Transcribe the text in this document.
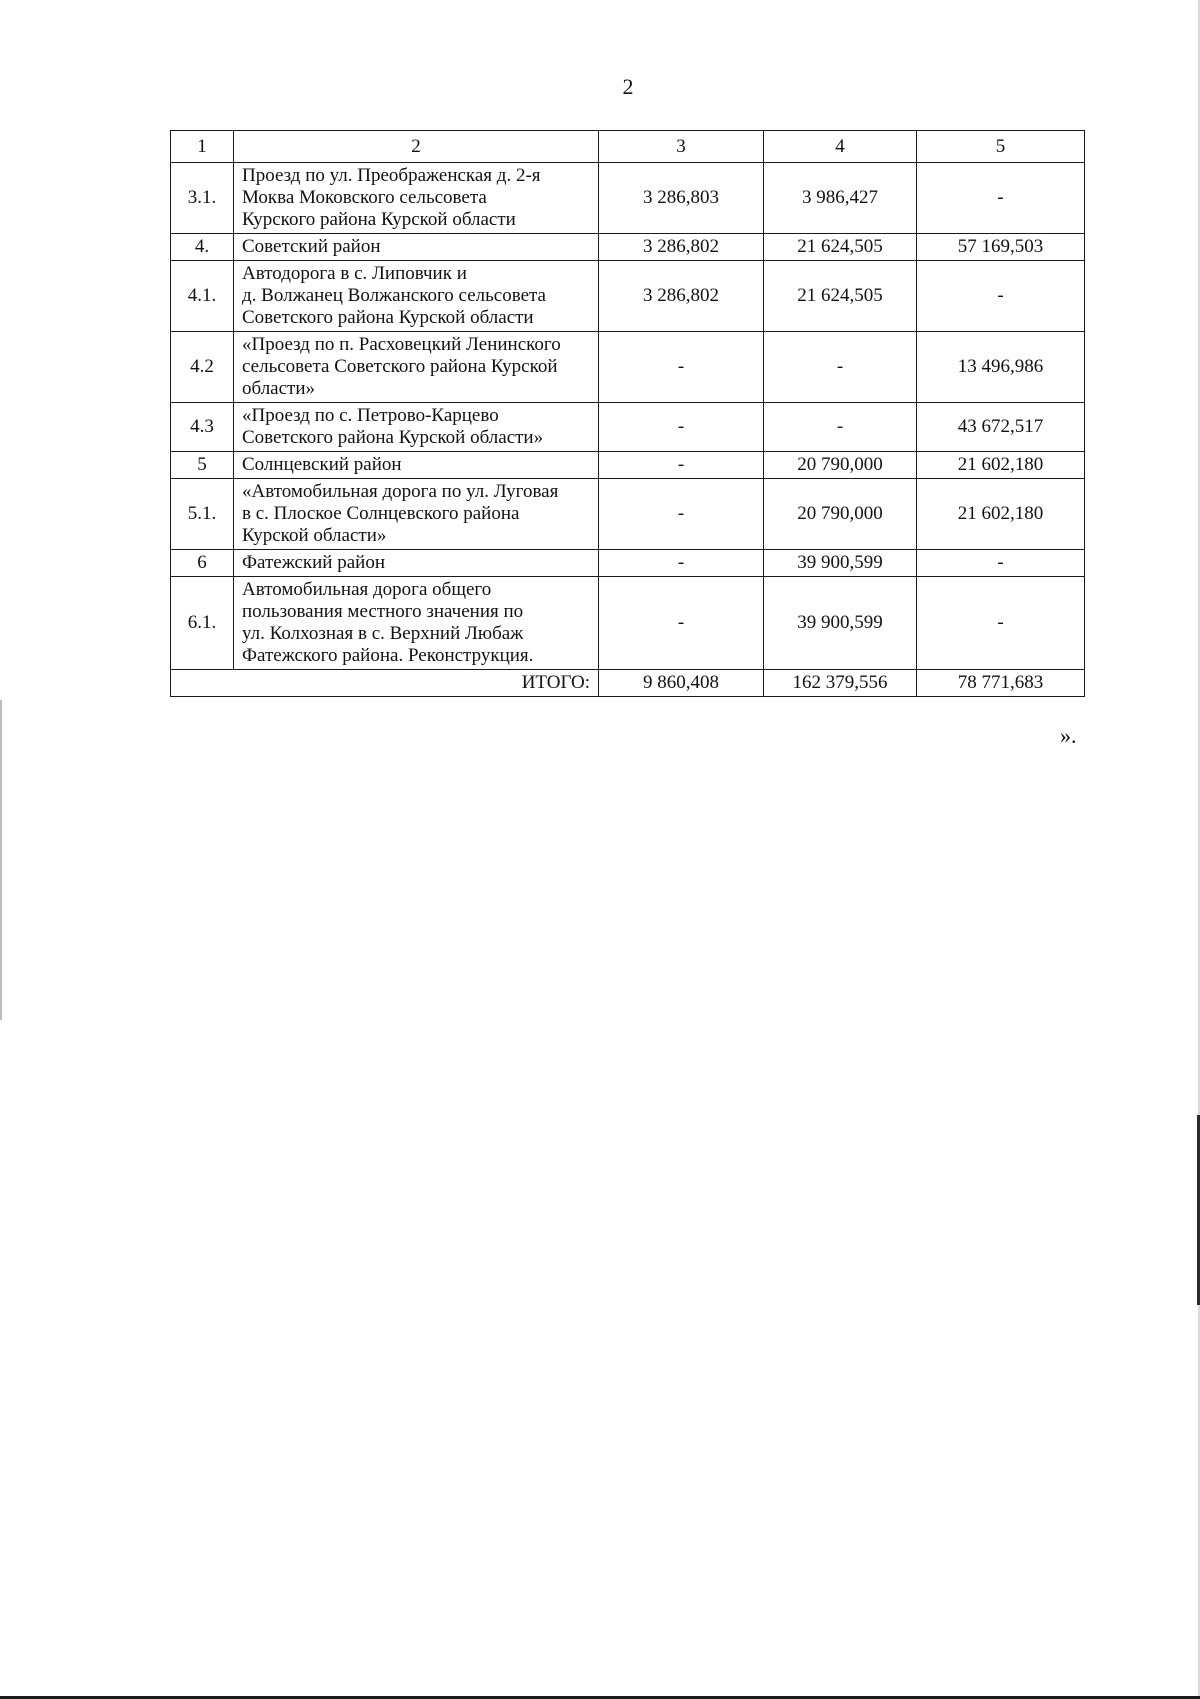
2
1	2	3	4	5
3.1.	Проезд по ул. Преображенская д. 2-я
Моква Моковского сельсовета
Курского района Курской области	3 286,803	3 986,427	-
4.	Советский район	3 286,802	21 624,505	57 169,503
4.1.	Автодорога в с. Липовчик и
д. Волжанец Волжанского сельсовета
Советского района Курской области	3 286,802	21 624,505	-
4.2	«Проезд по п. Расховецкий Ленинского
сельсовета Советского района Курской
области»	-	-	13 496,986
4.3	«Проезд по с. Петрово-Карцево
Советского района Курской области»	-	-	43 672,517
5	Солнцевский район	-	20 790,000	21 602,180
5.1.	«Автомобильная дорога по ул. Луговая
в с. Плоское Солнцевского района
Курской области»	-	20 790,000	21 602,180
6	Фатежский район	-	39 900,599	-
6.1.	Автомобильная дорога общего
пользования местного значения по
ул. Колхозная в с. Верхний Любаж
Фатежского района. Реконструкция.	-	39 900,599	-
ИТОГО:		9 860,408	162 379,556	78 771,683
».
